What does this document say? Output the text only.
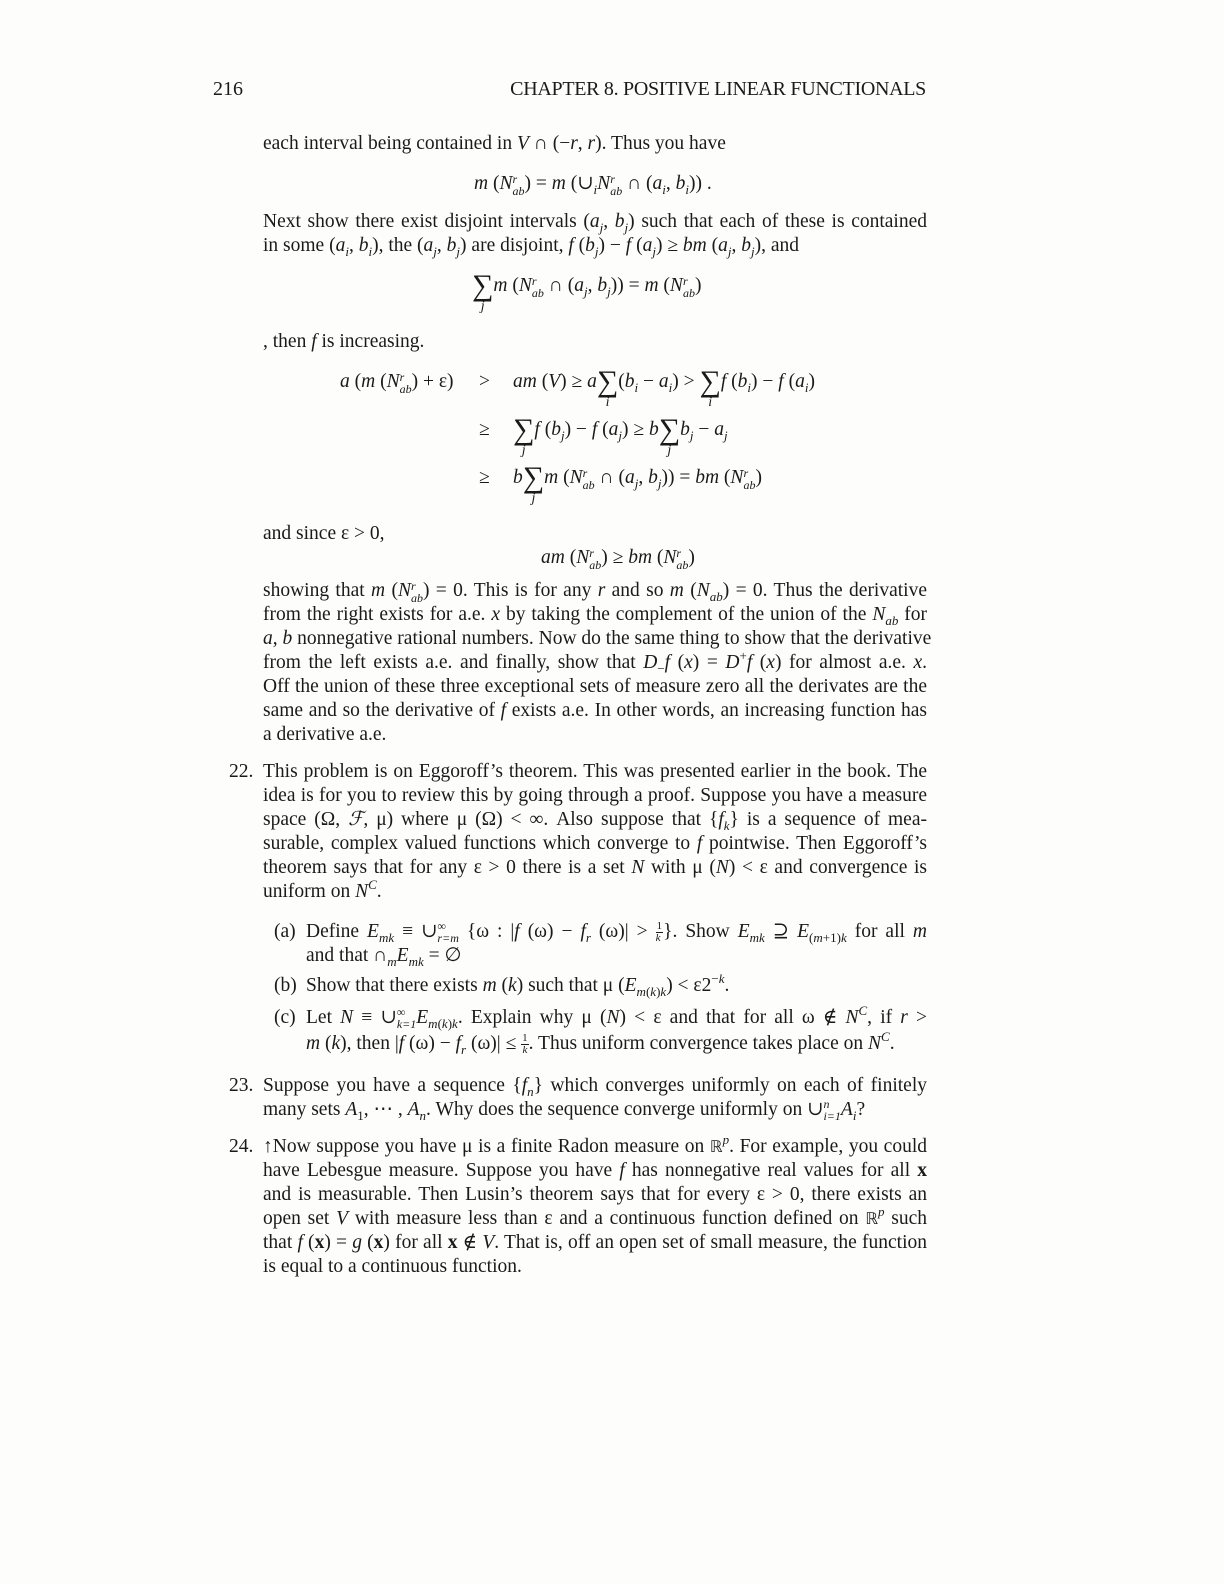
216	CHAPTER 8. POSITIVE LINEAR FUNCTIONALS
each interval being contained in V ∩ (−r, r). Thus you have
m (N r
ab ) = m ($\cup_iN$ r
ab ∩ ($a_i$, $b_i$)) .
Next show there exist disjoint intervals ($a_j$, $b_j$) such that each of these is contained
in some ($a_i$, $b_i$), the ($a_j$, $b_j$) are disjoint, f $(b_j) - f$ $(a_j)$ ≥ bm ($a_j$, $b_j$), and
∑
j
m (N r
ab ∩ ($a_j$, $b_j)) = m$ (N r
ab )
, then f is increasing.
a (m (N r
ab ) + ε) > am (V) ≥ a∑
i
$(b_i - a_i)$ > ∑
i
f $(b_i) - f$ $(a_i)$
≥ ∑
j
f $(b_j) - f$ $(a_j) \ge b\sum$
j
$b_j - a_j$
≥ b∑
j
m (N r
ab ∩ ($a_j$, $b_j$)) = bm (N r
ab )
and since ε > 0,
am (N r
ab ) ≥ bm (N r
ab )
showing that m (N r
ab ) = 0. This is for any r and so m $(N_{ab}) = 0$. Thus the derivative
from the right exists for a.e. x by taking the complement of the union of the $N_{ab}$ for
a, b nonnegative rational numbers. Now do the same thing to show that the derivative
from the left exists a.e. and finally, show that $D_-f$ (x) = D+f (x) for almost a.e. x.
Off the union of these three exceptional sets of measure zero all the derivates are the
same and so the derivative of f exists a.e. In other words, an increasing function has
a derivative a.e.
22. This problem is on Eggoroff’s theorem. This was presented earlier in the book. The
idea is for you to review this by going through a proof. Suppose you have a measure
space (Ω, ℱ, μ) where μ (Ω) < ∞. Also suppose that $\{f_k\}$ is a sequence of mea-
surable, complex valued functions which converge to f pointwise. Then Eggoroff’s
theorem says that for any ε > 0 there is a set N with μ (N) < ε and convergence is
uniform on $N^C$.
(a) Define $E_{mk}$ ≡ ∪ ∞
r=m {ω : |f $(\omega) - f_r$ $(\omega)| > \frac{1}{k}$ }. Show $E_{mk}$ ⊇ $E_{(m+1)k}$ for all m
and that $\cap_mE_{mk}$ = ∅
(b) Show that there exists m (k) such that μ $(E_{m(k)k}) < \varepsilon 2^{-k}$.
(c) Let N ≡ ∪ ∞
k=1 $E_{m(k)k}$. Explain why μ (N) < ε and that for all ω ∉ $N^C$, if r >
m (k), then |f $(\omega) - f_r$ $(\omega)| \le \frac{1}{k}$ . Thus uniform convergence takes place on $N^C$.
23. Suppose you have a sequence $\{f_n\}$ which converges uniformly on each of finitely
many sets $A_1$, ⋯ , $A_n$. Why does the sequence converge uniformly on ∪ n
i=1 $A_i$?
24. ↑Now suppose you have μ is a finite Radon measure on ℝ$^p$. For example, you could
have Lebesgue measure. Suppose you have f has nonnegative real values for all x
and is measurable. Then Lusin’s theorem says that for every ε > 0, there exists an
open set V with measure less than ε and a continuous function defined on ℝ$^p$ such
that f (x) = g (x) for all x ∉ V. That is, off an open set of small measure, the function
is equal to a continuous function.
